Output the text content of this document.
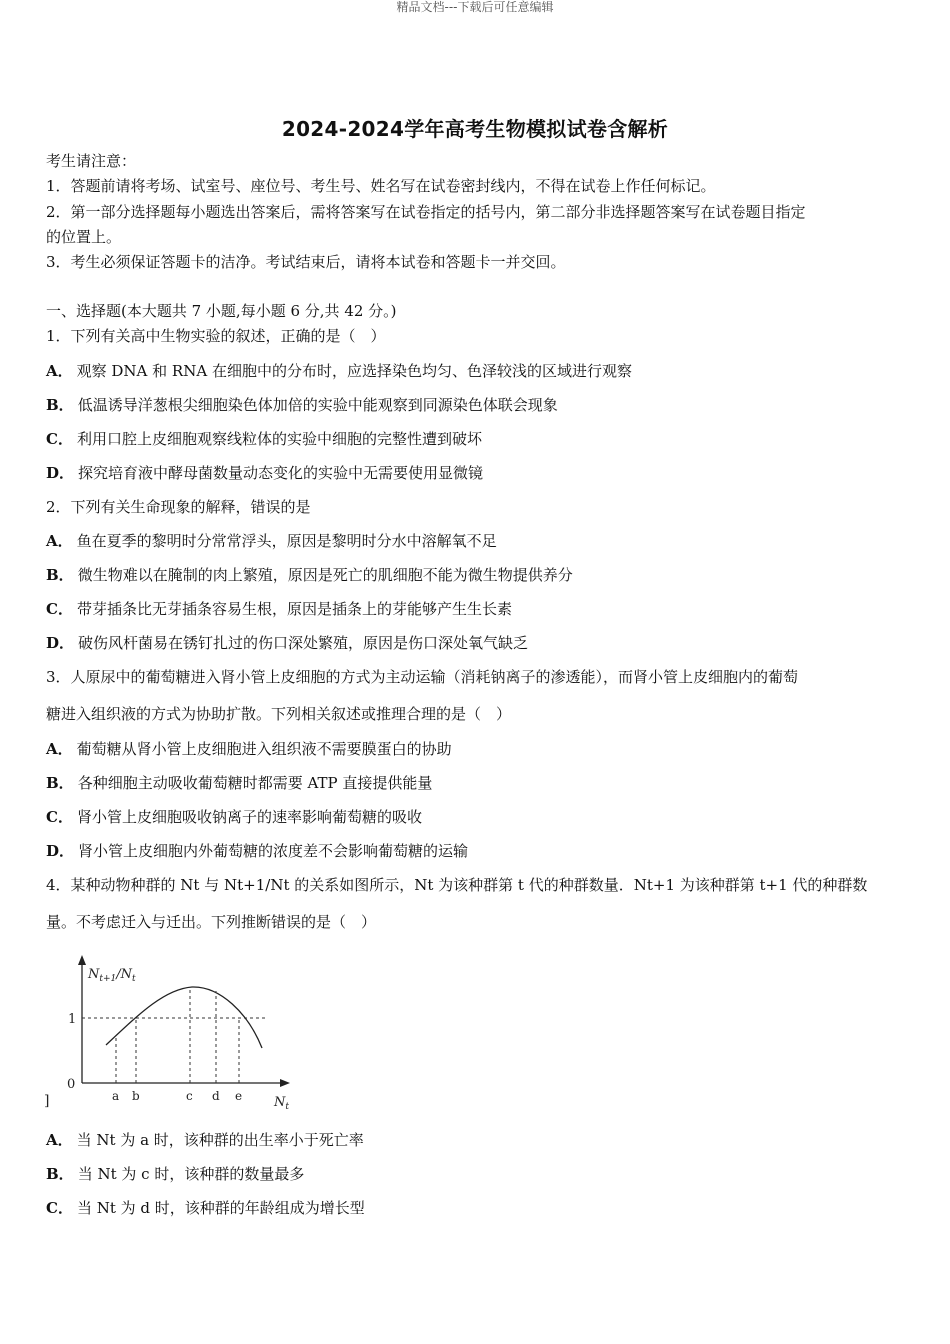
精品文档---下载后可任意编辑
2024-2024学年高考生物模拟试卷含解析
考生请注意：
1．答题前请将考场、试室号、座位号、考生号、姓名写在试卷密封线内，不得在试卷上作任何标记。
2．第一部分选择题每小题选出答案后，需将答案写在试卷指定的括号内，第二部分非选择题答案写在试卷题目指定
的位置上。
3．考生必须保证答题卡的洁净。考试结束后，请将本试卷和答题卡一并交回。
一、选择题(本大题共 7 小题,每小题 6 分,共 42 分。)
1．下列有关高中生物实验的叙述，正确的是（　）
A． 观察 DNA 和 RNA 在细胞中的分布时，应选择染色均匀、色泽较浅的区域进行观察
B． 低温诱导洋葱根尖细胞染色体加倍的实验中能观察到同源染色体联会现象
C． 利用口腔上皮细胞观察线粒体的实验中细胞的完整性遭到破坏
D． 探究培育液中酵母菌数量动态变化的实验中无需要使用显微镜
2．下列有关生命现象的解释，错误的是
A． 鱼在夏季的黎明时分常常浮头，原因是黎明时分水中溶解氧不足
B． 微生物难以在腌制的肉上繁殖，原因是死亡的肌细胞不能为微生物提供养分
C． 带芽插条比无芽插条容易生根，原因是插条上的芽能够产生生长素
D． 破伤风杆菌易在锈钉扎过的伤口深处繁殖，原因是伤口深处氧气缺乏
3．人原尿中的葡萄糖进入肾小管上皮细胞的方式为主动运输（消耗钠离子的渗透能），而肾小管上皮细胞内的葡萄
糖进入组织液的方式为协助扩散。下列相关叙述或推理合理的是（　）
A． 葡萄糖从肾小管上皮细胞进入组织液不需要膜蛋白的协助
B． 各种细胞主动吸收葡萄糖时都需要 ATP 直接提供能量
C． 肾小管上皮细胞吸收钠离子的速率影响葡萄糖的吸收
D． 肾小管上皮细胞内外葡萄糖的浓度差不会影响葡萄糖的运输
4．某种动物种群的 Nt 与 Nt+1/Nt 的关系如图所示，Nt 为该种群第 t 代的种群数量．Nt+1 为该种群第 t+1 代的种群数
量。不考虑迁入与迁出。下列推断错误的是（　）
$N_{t+1}/N_t$
1
0
]	a b	c d e $N_t$
A． 当 Nt 为 a 时，该种群的出生率小于死亡率
B． 当 Nt 为 c 时，该种群的数量最多
C． 当 Nt 为 d 时，该种群的年龄组成为增长型
